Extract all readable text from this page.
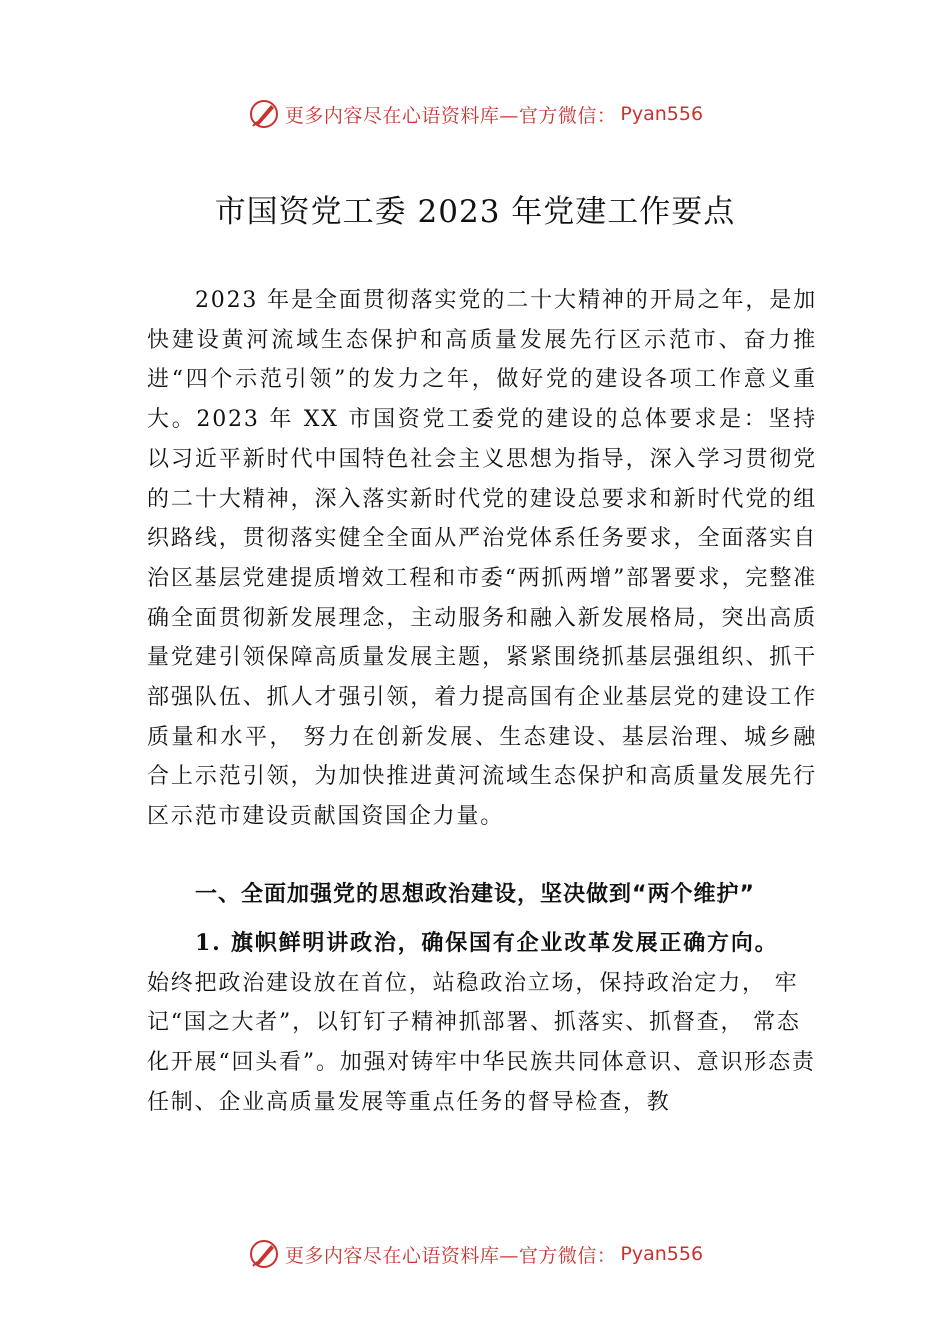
更多内容尽在心语资料库—官方微信： Pyan556
市国资党工委 2023 年党建工作要点

2023 年是全面贯彻落实党的二十大精神的开局之年，是加快建设黄河流域生态保护和高质量发展先行区示范市、奋力推进“四个示范引领”的发力之年，做好党的建设各项工作意义重大。2023 年 XX 市国资党工委党的建设的总体要求是：坚持以习近平新时代中国特色社会主义思想为指导，深入学习贯彻党的二十大精神，深入落实新时代党的建设总要求和新时代党的组织路线，贯彻落实健全全面从严治党体系任务要求，全面落实自治区基层党建提质增效工程和市委“两抓两增”部署要求，完整准确全面贯彻新发展理念，主动服务和融入新发展格局，突出高质量党建引领保障高质量发展主题，紧紧围绕抓基层强组织、抓干部强队伍、抓人才强引领，着力提高国有企业基层党的建设工作质量和水平， 努力在创新发展、生态建设、基层治理、城乡融合上示范引领，为加快推进黄河流域生态保护和高质量发展先行区示范市建设贡献国资国企力量。

一、全面加强党的思想政治建设，坚决做到“两个维护”

1. 旗帜鲜明讲政治，确保国有企业改革发展正确方向。
始终把政治建设放在首位，站稳政治立场，保持政治定力， 牢记“国之大者”，以钉钉子精神抓部署、抓落实、抓督查， 常态化开展“回头看”。加强对铸牢中华民族共同体意识、意识形态责任制、企业高质量发展等重点任务的督导检查，教
更多内容尽在心语资料库—官方微信： Pyan556
